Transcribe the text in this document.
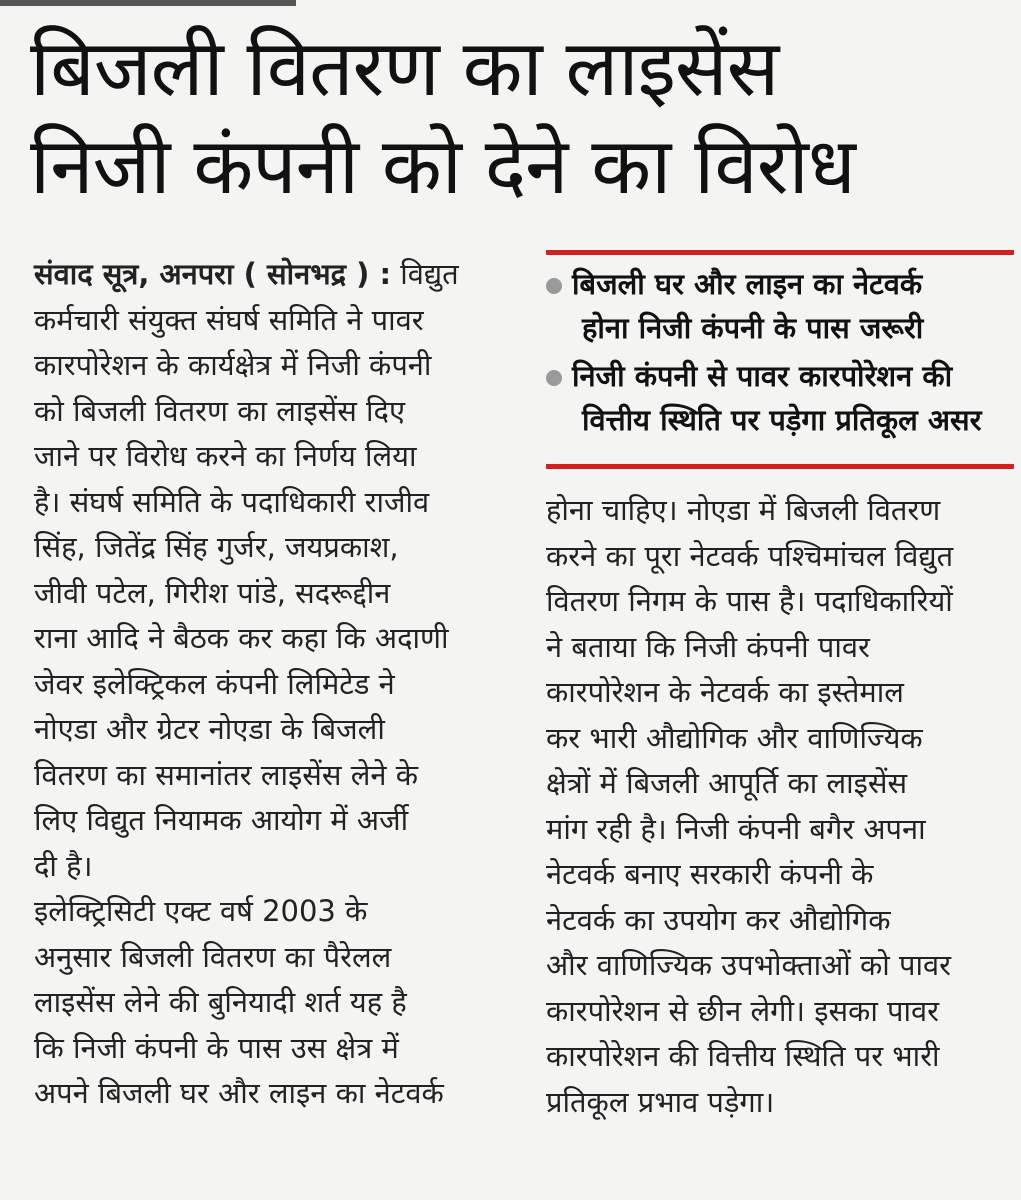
बिजली वितरण का लाइसेंस
निजी कंपनी को देने का विरोध

बिजली घर और लाइन का नेटवर्क

होना निजी कंपनी के पास जरूरी

निजी कंपनी से पावर कारपोरेशन की

वित्तीय स्थिति पर पड़ेगा प्रतिकूल असर

संवाद सूत्र, अनपरा ( सोनभद्र ) : विद्युत

कर्मचारी संयुक्त संघर्ष समिति ने पावर

कारपोरेशन के कार्यक्षेत्र में निजी कंपनी

को बिजली वितरण का लाइसेंस दिए

जाने पर विरोध करने का निर्णय लिया

है। संघर्ष समिति के पदाधिकारी राजीव

सिंह, जितेंद्र सिंह गुर्जर, जयप्रकाश,

जीवी पटेल, गिरीश पांडे, सदरूद्दीन

राना आदि ने बैठक कर कहा कि अदाणी

जेवर इलेक्ट्रिकल कंपनी लिमिटेड ने

नोएडा और ग्रेटर नोएडा के बिजली

वितरण का समानांतर लाइसेंस लेने के

लिए विद्युत नियामक आयोग में अर्जी

दी है।

इलेक्ट्रिसिटी एक्ट वर्ष 2003 के

अनुसार बिजली वितरण का पैरेलल

लाइसेंस लेने की बुनियादी शर्त यह है

कि निजी कंपनी के पास उस क्षेत्र में

अपने बिजली घर और लाइन का नेटवर्क

होना चाहिए। नोएडा में बिजली वितरण

करने का पूरा नेटवर्क पश्चिमांचल विद्युत

वितरण निगम के पास है। पदाधिकारियों

ने बताया कि निजी कंपनी पावर

कारपोरेशन के नेटवर्क का इस्तेमाल

कर भारी औद्योगिक और वाणिज्यिक

क्षेत्रों में बिजली आपूर्ति का लाइसेंस

मांग रही है। निजी कंपनी बगैर अपना

नेटवर्क बनाए सरकारी कंपनी के

नेटवर्क का उपयोग कर औद्योगिक

और वाणिज्यिक उपभोक्ताओं को पावर

कारपोरेशन से छीन लेगी। इसका पावर

कारपोरेशन की वित्तीय स्थिति पर भारी

प्रतिकूल प्रभाव पड़ेगा।
